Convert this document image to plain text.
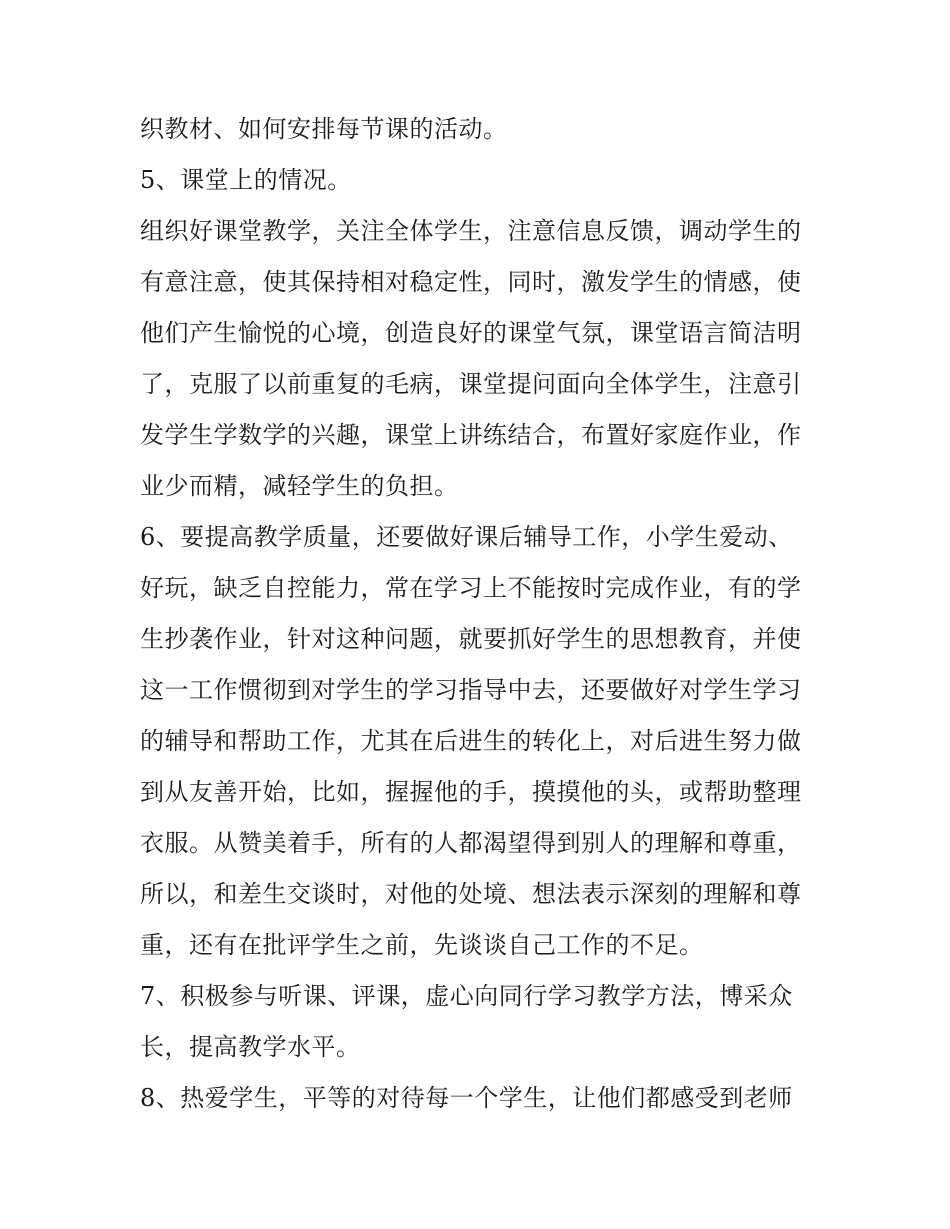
织教材、如何安排每节课的活动。
5、课堂上的情况。
组织好课堂教学，关注全体学生，注意信息反馈，调动学生的
有意注意，使其保持相对稳定性，同时，激发学生的情感，使
他们产生愉悦的心境，创造良好的课堂气氛，课堂语言简洁明
了，克服了以前重复的毛病，课堂提问面向全体学生，注意引
发学生学数学的兴趣，课堂上讲练结合，布置好家庭作业，作
业少而精，减轻学生的负担。
6、要提高教学质量，还要做好课后辅导工作，小学生爱动、
好玩，缺乏自控能力，常在学习上不能按时完成作业，有的学
生抄袭作业，针对这种问题，就要抓好学生的思想教育，并使
这一工作惯彻到对学生的学习指导中去，还要做好对学生学习
的辅导和帮助工作，尤其在后进生的转化上，对后进生努力做
到从友善开始，比如，握握他的手，摸摸他的头，或帮助整理
衣服。从赞美着手，所有的人都渴望得到别人的理解和尊重，
所以，和差生交谈时，对他的处境、想法表示深刻的理解和尊
重，还有在批评学生之前，先谈谈自己工作的不足。
7、积极参与听课、评课，虚心向同行学习教学方法，博采众
长，提高教学水平。
8、热爱学生，平等的对待每一个学生，让他们都感受到老师
